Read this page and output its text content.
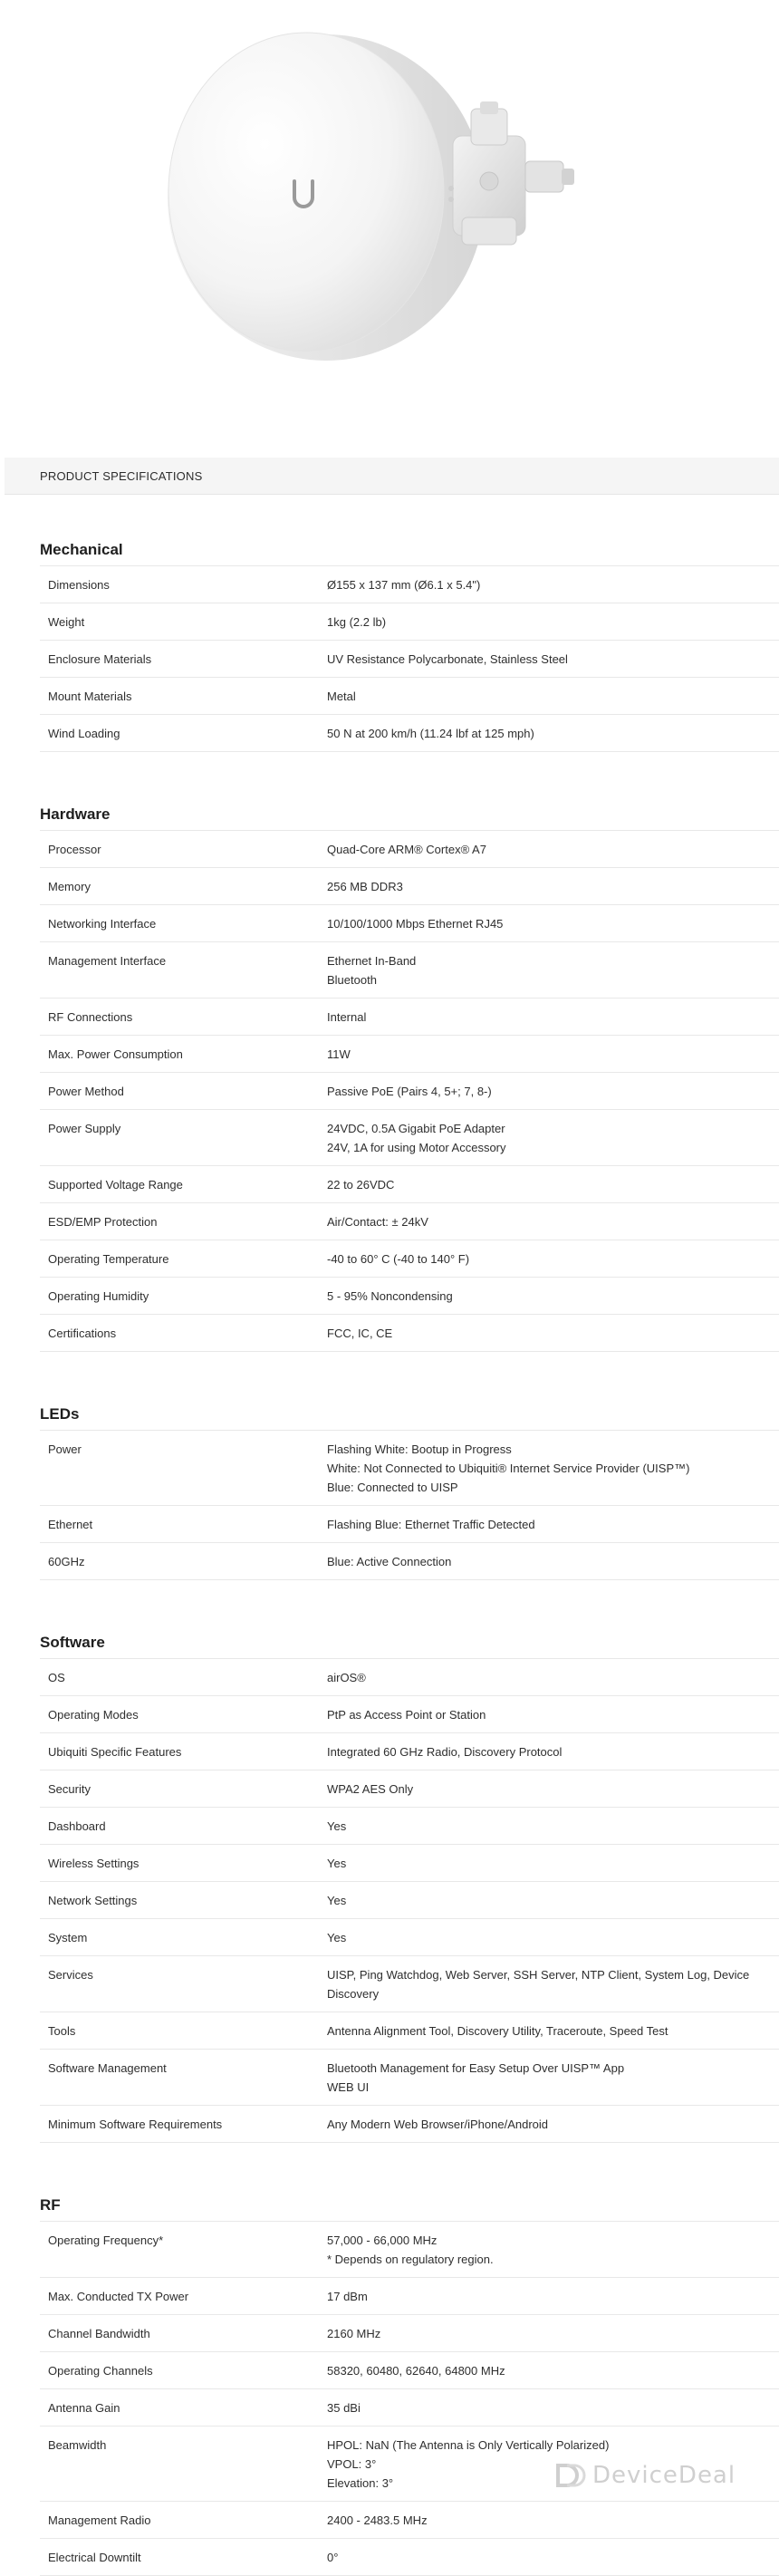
PRODUCT SPECIFICATIONS
Mechanical
Dimensions	Ø155 x 137 mm (Ø6.1 x 5.4")
Weight	1kg (2.2 lb)
Enclosure Materials	UV Resistance Polycarbonate, Stainless Steel
Mount Materials	Metal
Wind Loading	50 N at 200 km/h (11.24 lbf at 125 mph)
Hardware
Processor	Quad-Core ARM® Cortex® A7
Memory	256 MB DDR3
Networking Interface	10/100/1000 Mbps Ethernet RJ45
Management Interface	Ethernet In-Band
Bluetooth
RF Connections	Internal
Max. Power Consumption	11W
Power Method	Passive PoE (Pairs 4, 5+; 7, 8-)
Power Supply	24VDC, 0.5A Gigabit PoE Adapter
24V, 1A for using Motor Accessory
Supported Voltage Range	22 to 26VDC
ESD/EMP Protection	Air/Contact: ± 24kV
Operating Temperature	-40 to 60° C (-40 to 140° F)
Operating Humidity	5 - 95% Noncondensing
Certifications	FCC, IC, CE
LEDs
Power	Flashing White: Bootup in Progress
White: Not Connected to Ubiquiti® Internet Service Provider (UISP™)
Blue: Connected to UISP
Ethernet	Flashing Blue: Ethernet Traffic Detected
60GHz	Blue: Active Connection
Software
OS	airOS®
Operating Modes	PtP as Access Point or Station
Ubiquiti Specific Features	Integrated 60 GHz Radio, Discovery Protocol
Security	WPA2 AES Only
Dashboard	Yes
Wireless Settings	Yes
Network Settings	Yes
System	Yes
Services	UISP, Ping Watchdog, Web Server, SSH Server, NTP Client, System Log, Device Discovery
Tools	Antenna Alignment Tool, Discovery Utility, Traceroute, Speed Test
Software Management	Bluetooth Management for Easy Setup Over UISP™ App
WEB UI
Minimum Software Requirements	Any Modern Web Browser/iPhone/Android
RF
Operating Frequency*	57,000 - 66,000 MHz
* Depends on regulatory region.
Max. Conducted TX Power	17 dBm
Channel Bandwidth	2160 MHz
Operating Channels	58320, 60480, 62640, 64800 MHz
Antenna Gain	35 dBi
Beamwidth	HPOL: NaN (The Antenna is Only Vertically Polarized)
VPOL: 3°
Elevation: 3°
Management Radio	2400 - 2483.5 MHz
Electrical Downtilt	0°
DeviceDeal
